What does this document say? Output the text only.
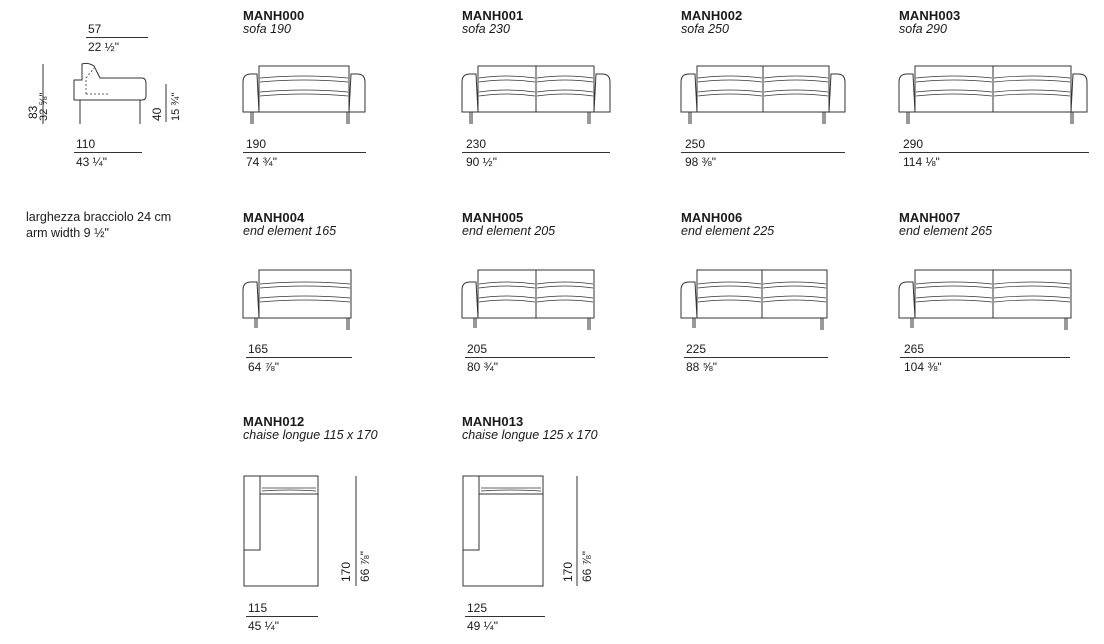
57
22 ½"
83
32 ⅝"	40 15 ¾"
110
43 ¼"
larghezza bracciolo 24 cm
arm width 9 ½"
MANH000
sofa 190
190
74 ¾"
MANH001
sofa 230
230
90 ½"
MANH002
sofa 250
250
98 ⅜"
MANH003
sofa 290
290
114 ⅛"
MANH004
end element 165
165
64 ⅞"
MANH005
end element 205
205
80 ¾"
MANH006
end element 225
225
88 ⅝"
MANH007
end element 265
265
104 ⅜"
MANH012
chaise longue 115 x 170
170 66 ⅞"
115
45 ¼"
MANH013
chaise longue 125 x 170
170 66 ⅞"
125
49 ¼"
